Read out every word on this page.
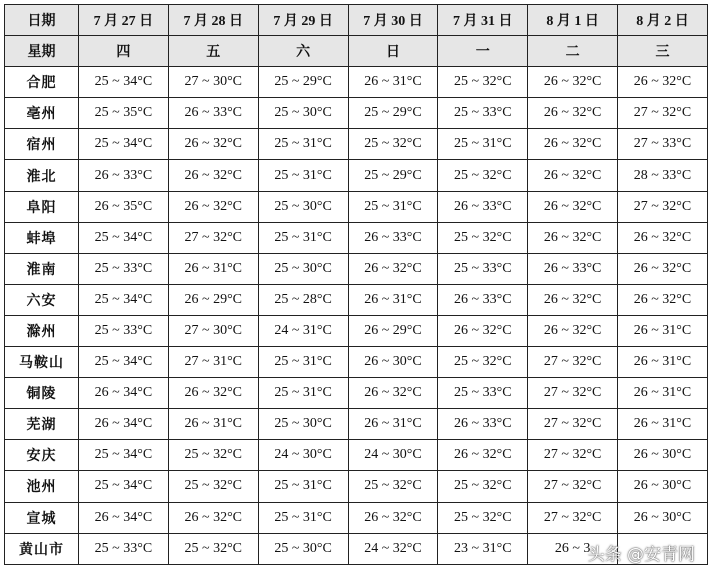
日期	7 月 27 日	7 月 28 日	7 月 29 日	7 月 30 日	7 月 31 日	8 月 1 日	8 月 2 日
星期	四	五	六	日	一	二	三
合肥	25 ~ 34°C	27 ~ 30°C	25 ~ 29°C	26 ~ 31°C	25 ~ 32°C	26 ~ 32°C	26 ~ 32°C
亳州	25 ~ 35°C	26 ~ 33°C	25 ~ 30°C	25 ~ 29°C	25 ~ 33°C	26 ~ 32°C	27 ~ 32°C
宿州	25 ~ 34°C	26 ~ 32°C	25 ~ 31°C	25 ~ 32°C	25 ~ 31°C	26 ~ 32°C	27 ~ 33°C
淮北	26 ~ 33°C	26 ~ 32°C	25 ~ 31°C	25 ~ 29°C	25 ~ 32°C	26 ~ 32°C	28 ~ 33°C
阜阳	26 ~ 35°C	26 ~ 32°C	25 ~ 30°C	25 ~ 31°C	26 ~ 33°C	26 ~ 32°C	27 ~ 32°C
蚌埠	25 ~ 34°C	27 ~ 32°C	25 ~ 31°C	26 ~ 33°C	25 ~ 32°C	26 ~ 32°C	26 ~ 32°C
淮南	25 ~ 33°C	26 ~ 31°C	25 ~ 30°C	26 ~ 32°C	25 ~ 33°C	26 ~ 33°C	26 ~ 32°C
六安	25 ~ 34°C	26 ~ 29°C	25 ~ 28°C	26 ~ 31°C	26 ~ 33°C	26 ~ 32°C	26 ~ 32°C
滁州	25 ~ 33°C	27 ~ 30°C	24 ~ 31°C	26 ~ 29°C	26 ~ 32°C	26 ~ 32°C	26 ~ 31°C
马鞍山	25 ~ 34°C	27 ~ 31°C	25 ~ 31°C	26 ~ 30°C	25 ~ 32°C	27 ~ 32°C	26 ~ 31°C
铜陵	26 ~ 34°C	26 ~ 32°C	25 ~ 31°C	26 ~ 32°C	25 ~ 33°C	27 ~ 32°C	26 ~ 31°C
芜湖	26 ~ 34°C	26 ~ 31°C	25 ~ 30°C	26 ~ 31°C	26 ~ 33°C	27 ~ 32°C	26 ~ 31°C
安庆	25 ~ 34°C	25 ~ 32°C	24 ~ 30°C	24 ~ 30°C	26 ~ 32°C	27 ~ 32°C	26 ~ 30°C
池州	25 ~ 34°C	25 ~ 32°C	25 ~ 31°C	25 ~ 32°C	25 ~ 32°C	27 ~ 32°C	26 ~ 30°C
宣城	26 ~ 34°C	26 ~ 32°C	25 ~ 31°C	26 ~ 32°C	25 ~ 32°C	27 ~ 32°C	26 ~ 30°C
黄山市	25 ~ 33°C	25 ~ 32°C	25 ~ 30°C	24 ~ 32°C	23 ~ 31°C	26 ~ 3	
头条 @安青网
